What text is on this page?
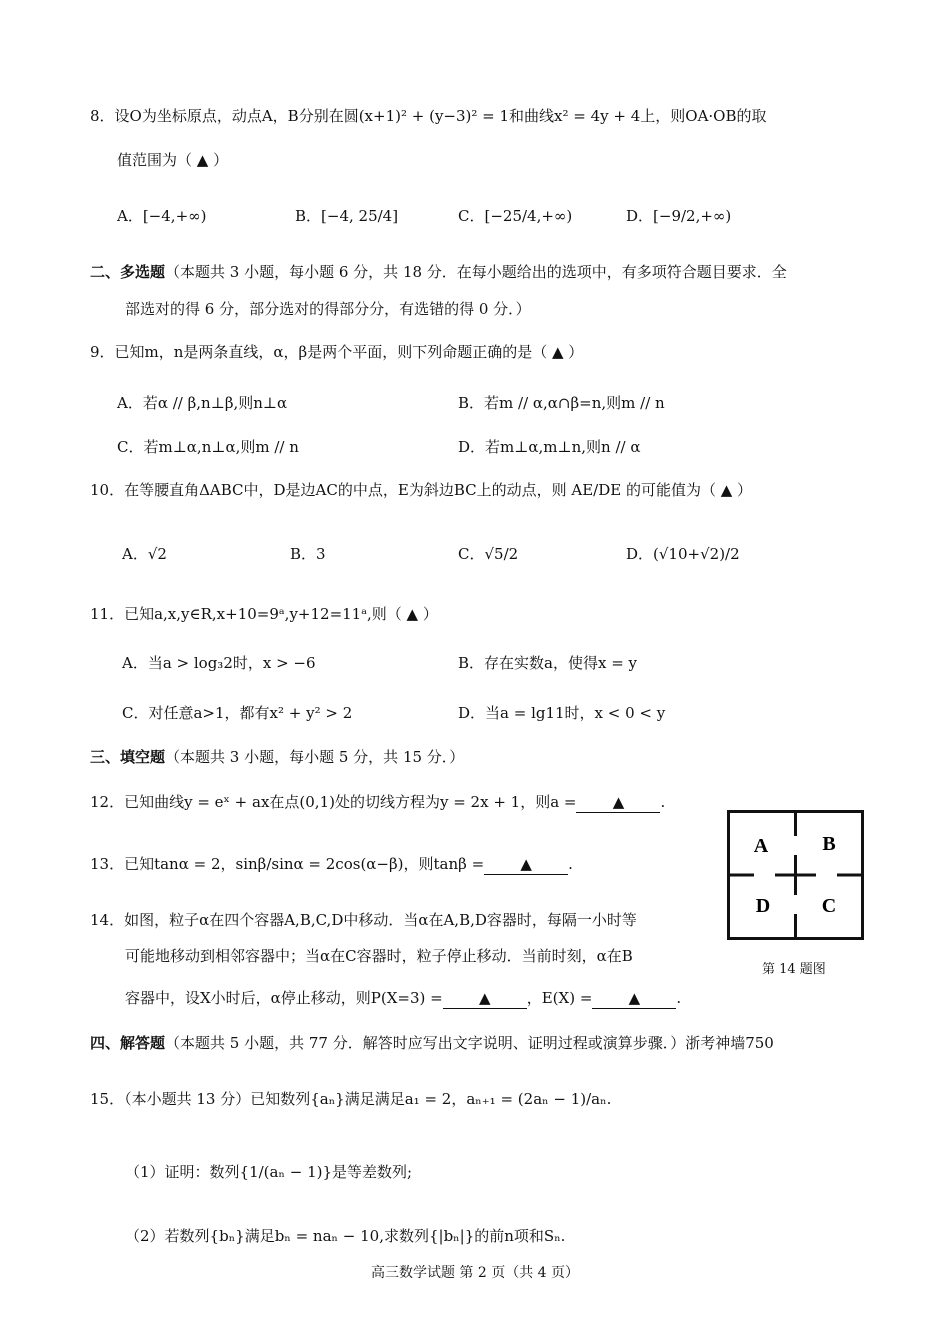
8．设O为坐标原点，动点A，B分别在圆(x+1)² + (y−3)² = 1和曲线x² = 4y + 4上，则OA·OB的取
值范围为（ ▲ ）
A．[−4,+∞)	B．[−4, 25/4]	C．[−25/4,+∞)	D．[−9/2,+∞)
二、多选题（本题共 3 小题，每小题 6 分，共 18 分．在每小题给出的选项中，有多项符合题目要求．全
部选对的得 6 分，部分选对的得部分分，有选错的得 0 分．）
9．已知m，n是两条直线，α，β是两个平面，则下列命题正确的是（ ▲ ）
A．若α // β,n⊥β,则n⊥α	B．若m // α,α∩β=n,则m // n
C．若m⊥α,n⊥α,则m // n	D．若m⊥α,m⊥n,则n // α
10．在等腰直角ΔABC中，D是边AC的中点，E为斜边BC上的动点，则 AE/DE 的可能值为（ ▲ ）
A．√2	B．3	C．√5/2	D．(√10+√2)/2
11．已知a,x,y∈R,x+10=9ᵃ,y+12=11ᵃ,则（ ▲ ）
A．当a > log₃2时，x > −6	B．存在实数a，使得x = y
C．对任意a>1，都有x² + y² > 2	D．当a = lg11时，x < 0 < y
三、填空题（本题共 3 小题，每小题 5 分，共 15 分．）
12．已知曲线y = eˣ + ax在点(0,1)处的切线方程为y = 2x + 1，则a = ▲ .
13．已知tanα = 2，sinβ/sinα = 2cos(α−β)，则tanβ = ▲ .
14．如图，粒子α在四个容器A,B,C,D中移动．当α在A,B,D容器时，每隔一小时等
可能地移动到相邻容器中；当α在C容器时，粒子停止移动．当前时刻，α在B
容器中，设X小时后，α停止移动，则P(X=3) = ▲ ，E(X) = ▲ .
A	B
D	C
第 14 题图
四、解答题（本题共 5 小题，共 77 分．解答时应写出文字说明、证明过程或演算步骤．）浙考神墙750
15．（本小题共 13 分）已知数列{aₙ}满足满足a₁ = 2，aₙ₊₁ = (2aₙ − 1)/aₙ.
（1）证明：数列{1/(aₙ − 1)}是等差数列;
（2）若数列{bₙ}满足bₙ = naₙ − 10,求数列{|bₙ|}的前n项和Sₙ.
高三数学试题 第 2 页（共 4 页）
